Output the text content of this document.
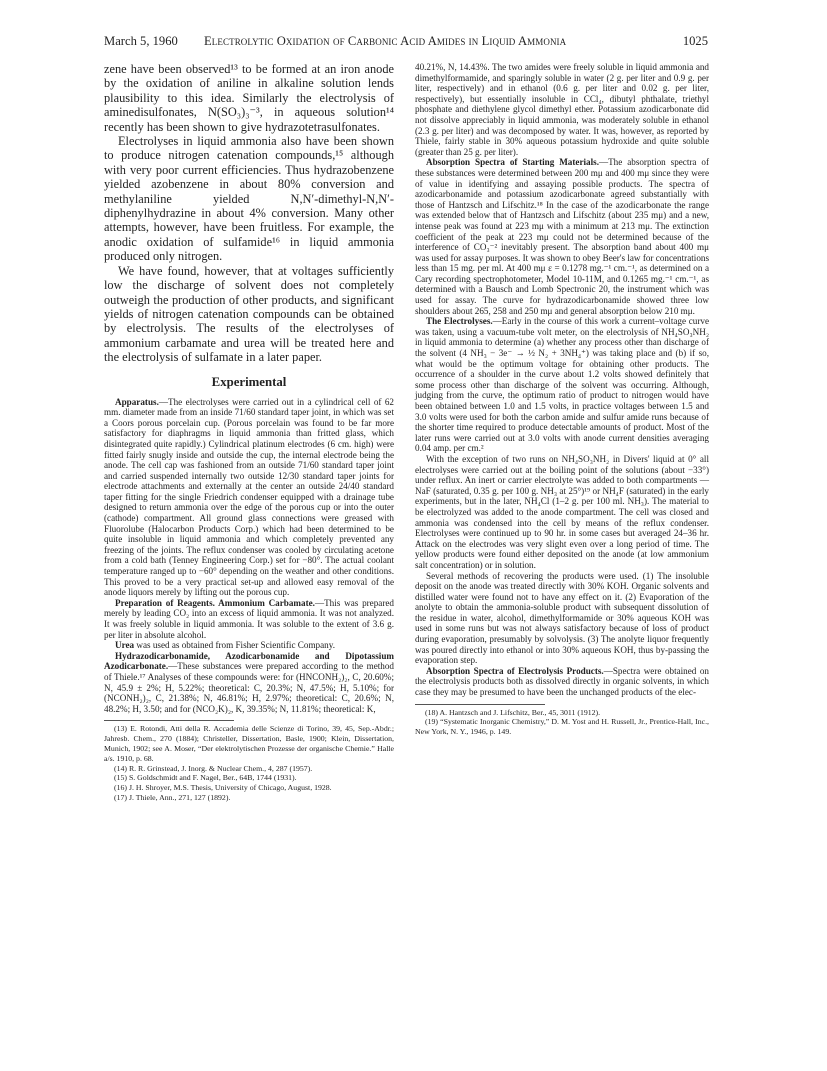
March 5, 1960 Electrolytic Oxidation of Carbonic Acid Amides in Liquid Ammonia	1025

zene have been observed¹³ to be formed at an iron anode by the oxidation of aniline in alkaline solution lends plausibility to this idea. Similarly the electrolysis of aminedisulfonates, N(SO₃)₃⁻³, in aqueous solution¹⁴ recently has been shown to give hydrazotetrasulfonates.

Electrolyses in liquid ammonia also have been shown to produce nitrogen catenation compounds,¹⁵ although with very poor current efficiencies. Thus hydrazobenzene yielded azobenzene in about 80% conversion and methylaniline yielded N,N′-dimethyl-N,N′-diphenylhydrazine in about 4% conversion. Many other attempts, however, have been fruitless. For example, the anodic oxidation of sulfamide¹⁶ in liquid ammonia produced only nitrogen.

We have found, however, that at voltages sufficiently low the discharge of solvent does not completely outweigh the production of other products, and significant yields of nitrogen catenation compounds can be obtained by electrolysis. The results of the electrolyses of ammonium carbamate and urea will be treated here and the electrolysis of sulfamate in a later paper.

Experimental

Apparatus.—The electrolyses were carried out in a cylindrical cell of 62 mm. diameter made from an inside 71/60 standard taper joint, in which was set a Coors porous porcelain cup. (Porous porcelain was found to be far more satisfactory for diaphragms in liquid ammonia than fritted glass, which disintegrated quite rapidly.) Cylindrical platinum electrodes (6 cm. high) were fitted fairly snugly inside and outside the cup, the internal electrode being the anode. The cell cap was fashioned from an outside 71/60 standard taper joint and carried suspended internally two outside 12/30 standard taper joints for electrode attachments and externally at the center an outside 24/40 standard taper fitting for the single Friedrich condenser equipped with a drainage tube designed to return ammonia over the edge of the porous cup or into the outer (cathode) compartment. All ground glass connections were greased with Fluorolube (Halocarbon Products Corp.) which had been determined to be quite insoluble in liquid ammonia and which completely prevented any freezing of the joints. The reflux condenser was cooled by circulating acetone from a cold bath (Tenney Engineering Corp.) set for −80°. The actual coolant temperature ranged up to −60° depending on the weather and other conditions. This proved to be a very practical set-up and allowed easy removal of the anode liquors merely by lifting out the porous cup.

Preparation of Reagents. Ammonium Carbamate.—This was prepared merely by leading CO₂ into an excess of liquid ammonia. It was not analyzed. It was freely soluble in liquid ammonia. It was soluble to the extent of 3.6 g. per liter in absolute alcohol.

Urea was used as obtained from Fisher Scientific Company.

Hydrazodicarbonamide, Azodicarbonamide and Dipotassium Azodicarbonate.—These substances were prepared according to the method of Thiele.¹⁷ Analyses of these compounds were: for (HNCONH₂)₂, C, 20.60%; N, 45.9 ± 2%; H, 5.22%; theoretical: C, 20.3%; N, 47.5%; H, 5.10%; for (NCONH₂)₂, C, 21.38%; N, 46.81%; H, 2.97%; theoretical: C, 20.6%; N, 48.2%; H, 3.50; and for (NCO₂K)₂, K, 39.35%; N, 11.81%; theoretical: K,

(13) E. Rotondi, Atti della R. Accademia delle Scienze di Torino, 39, 45, Sep.-Abdr.; Jahresb. Chem., 270 (1884); Christeller, Dissertation, Basle, 1900; Klein, Dissertation, Munich, 1902; see A. Moser, “Der elektrolytischen Prozesse der organische Chemie.” Halle a/s. 1910, p. 68.

(14) R. R. Grinstead, J. Inorg. & Nuclear Chem., 4, 287 (1957).

(15) S. Goldschmidt and F. Nagel, Ber., 64B, 1744 (1931).

(16) J. H. Shroyer, M.S. Thesis, University of Chicago, August, 1928.

(17) J. Thiele, Ann., 271, 127 (1892).

40.21%, N, 14.43%. The two amides were freely soluble in liquid ammonia and dimethylformamide, and sparingly soluble in water (2 g. per liter and 0.9 g. per liter, respectively) and in ethanol (0.6 g. per liter and 0.02 g. per liter, respectively), but essentially insoluble in CCl₄, dibutyl phthalate, triethyl phosphate and diethylene glycol dimethyl ether. Potassium azodicarbonate did not dissolve appreciably in liquid ammonia, was moderately soluble in ethanol (2.3 g. per liter) and was decomposed by water. It was, however, as reported by Thiele, fairly stable in 30% aqueous potassium hydroxide and quite soluble (greater than 25 g. per liter).

Absorption Spectra of Starting Materials.—The absorption spectra of these substances were determined between 200 mμ and 400 mμ since they were of value in identifying and assaying possible products. The spectra of azodicarbonamide and potassium azodicarbonate agreed substantially with those of Hantzsch and Lifschitz.¹⁸ In the case of the azodicarbonate the range was extended below that of Hantzsch and Lifschitz (about 235 mμ) and a new, intense peak was found at 223 mμ with a minimum at 213 mμ. The extinction coefficient of the peak at 223 mμ could not be determined because of the interference of CO₃⁻² inevitably present. The absorption band about 400 mμ was used for assay purposes. It was shown to obey Beer's law for concentrations less than 15 mg. per ml. At 400 mμ ε = 0.1278 mg.⁻¹ cm.⁻¹, as determined on a Cary recording spectrophotometer, Model 10-11M, and 0.1265 mg.⁻¹ cm.⁻¹, as determined with a Bausch and Lomb Spectronic 20, the instrument which was used for assay. The curve for hydrazodicarbonamide showed three low shoulders about 265, 258 and 250 mμ and general absorption below 210 mμ.

The Electrolyses.—Early in the course of this work a current–voltage curve was taken, using a vacuum-tube volt meter, on the electrolysis of NH₄SO₃NH₂ in liquid ammonia to determine (a) whether any process other than discharge of the solvent (4 NH₃ − 3e⁻ → ½ N₂ + 3NH₄⁺) was taking place and (b) if so, what would be the optimum voltage for obtaining other products. The occurrence of a shoulder in the curve about 1.2 volts showed definitely that some process other than discharge of the solvent was occurring. Although, judging from the curve, the optimum ratio of product to nitrogen would have been obtained between 1.0 and 1.5 volts, in practice voltages between 1.5 and 3.0 volts were used for both the carbon amide and sulfur amide runs because of the shorter time required to produce detectable amounts of product. Most of the later runs were carried out at 3.0 volts with anode current densities averaging 0.04 amp. per cm.²

With the exception of two runs on NH₄SO₃NH₂ in Divers' liquid at 0° all electrolyses were carried out at the boiling point of the solutions (about −33°) under reflux. An inert or carrier electrolyte was added to both compartments —NaF (saturated, 0.35 g. per 100 g. NH₃ at 25°)¹⁹ or NH₄F (saturated) in the early experiments, but in the later, NH₄Cl (1–2 g. per 100 ml. NH₃). The material to be electrolyzed was added to the anode compartment. The cell was closed and ammonia was condensed into the cell by means of the reflux condenser. Electrolyses were continued up to 90 hr. in some cases but averaged 24–36 hr. Attack on the electrodes was very slight even over a long period of time. The yellow products were found either deposited on the anode (at low ammonium salt concentration) or in solution.

Several methods of recovering the products were used. (1) The insoluble deposit on the anode was treated directly with 30% KOH. Organic solvents and distilled water were found not to have any effect on it. (2) Evaporation of the anolyte to obtain the ammonia-soluble product with subsequent dissolution of the residue in water, alcohol, dimethylformamide or 30% aqueous KOH was used in some runs but was not always satisfactory because of loss of product during evaporation, presumably by solvolysis. (3) The anolyte liquor frequently was poured directly into ethanol or into 30% aqueous KOH, thus by-passing the evaporation step.

Absorption Spectra of Electrolysis Products.—Spectra were obtained on the electrolysis products both as dissolved directly in organic solvents, in which case they may be presumed to have been the unchanged products of the elec-

(18) A. Hantzsch and J. Lifschitz, Ber., 45, 3011 (1912).

(19) “Systematic Inorganic Chemistry,” D. M. Yost and H. Russell, Jr., Prentice-Hall, Inc., New York, N. Y., 1946, p. 149.
